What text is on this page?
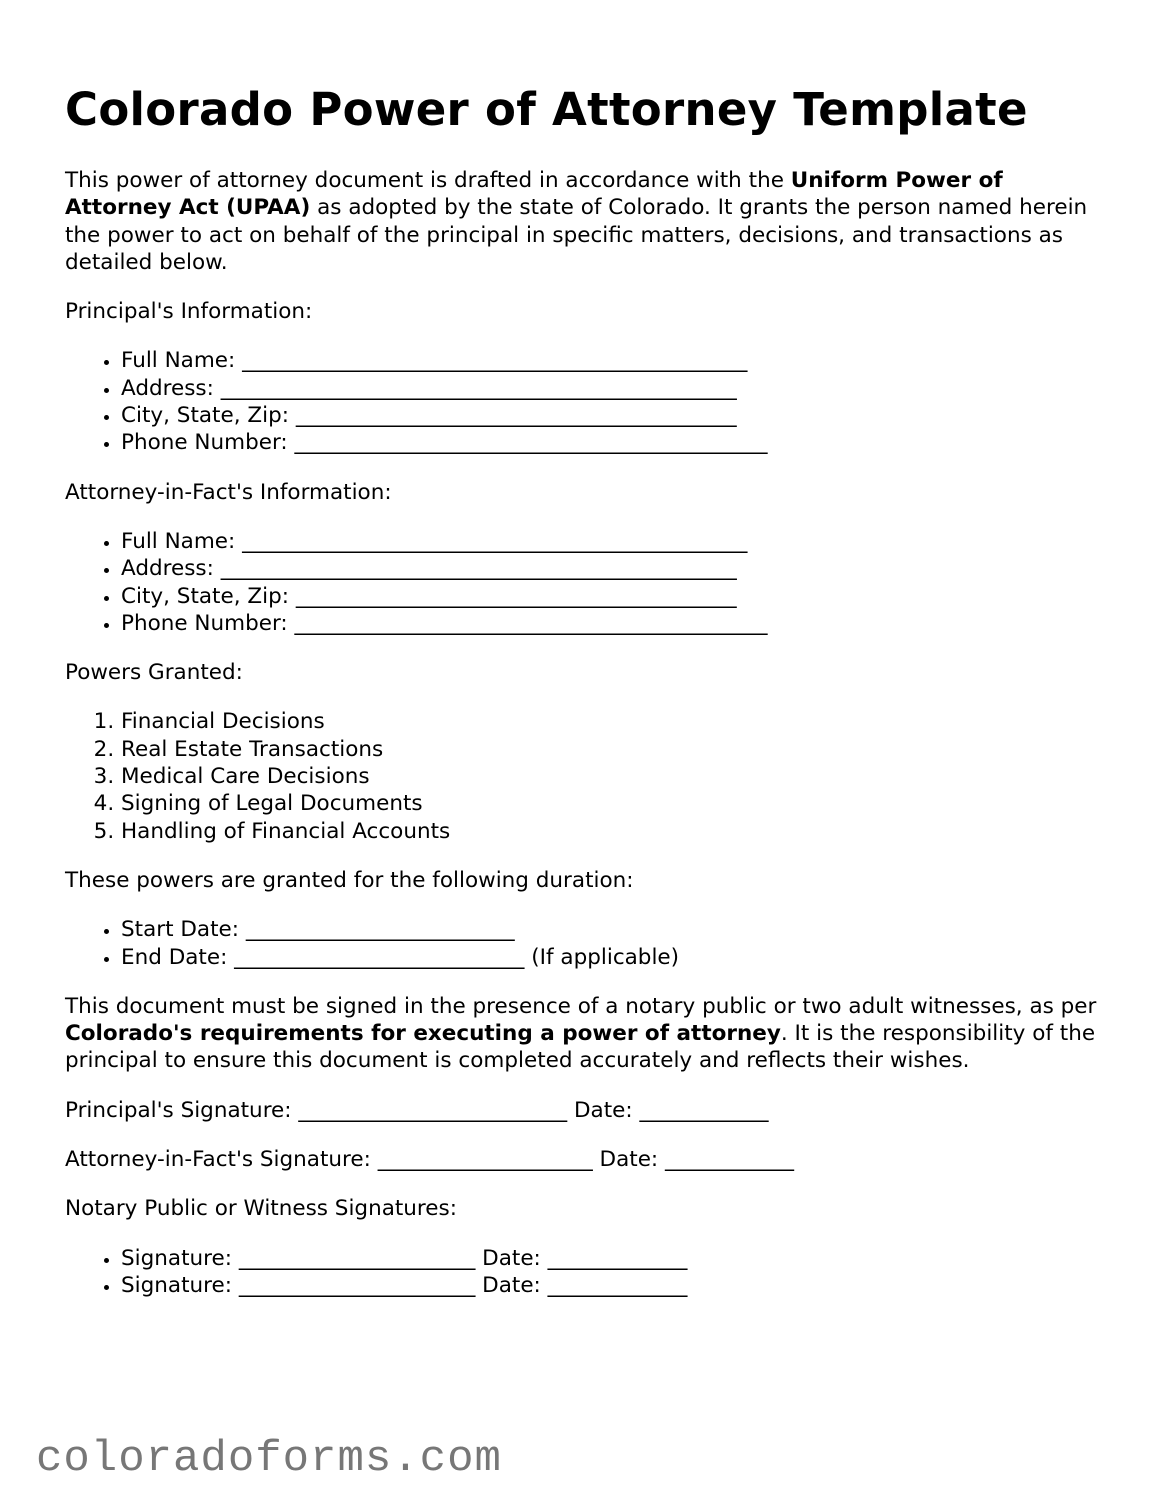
Colorado Power of Attorney Template

This power of attorney document is drafted in accordance with the Uniform Power of Attorney Act (UPAA) as adopted by the state of Colorado. It grants the person named herein the power to act on behalf of the principal in specific matters, decisions, and transactions as detailed below.

Principal's Information:

• Full Name: _______________________________________________
• Address: ________________________________________________
• City, State, Zip: _________________________________________
• Phone Number: ____________________________________________

Attorney-in-Fact's Information:

• Full Name: _______________________________________________
• Address: ________________________________________________
• City, State, Zip: _________________________________________
• Phone Number: ____________________________________________

Powers Granted:

1. Financial Decisions
2. Real Estate Transactions
3. Medical Care Decisions
4. Signing of Legal Documents
5. Handling of Financial Accounts

These powers are granted for the following duration:

• Start Date: _________________________
• End Date: ___________________________ (If applicable)

This document must be signed in the presence of a notary public or two adult witnesses, as per Colorado's requirements for executing a power of attorney. It is the responsibility of the principal to ensure this document is completed accurately and reflects their wishes.

Principal's Signature: _________________________ Date: ____________

Attorney-in-Fact's Signature: ____________________ Date: ____________

Notary Public or Witness Signatures:

• Signature: ______________________ Date: _____________
• Signature: ______________________ Date: _____________
coloradoforms.com
